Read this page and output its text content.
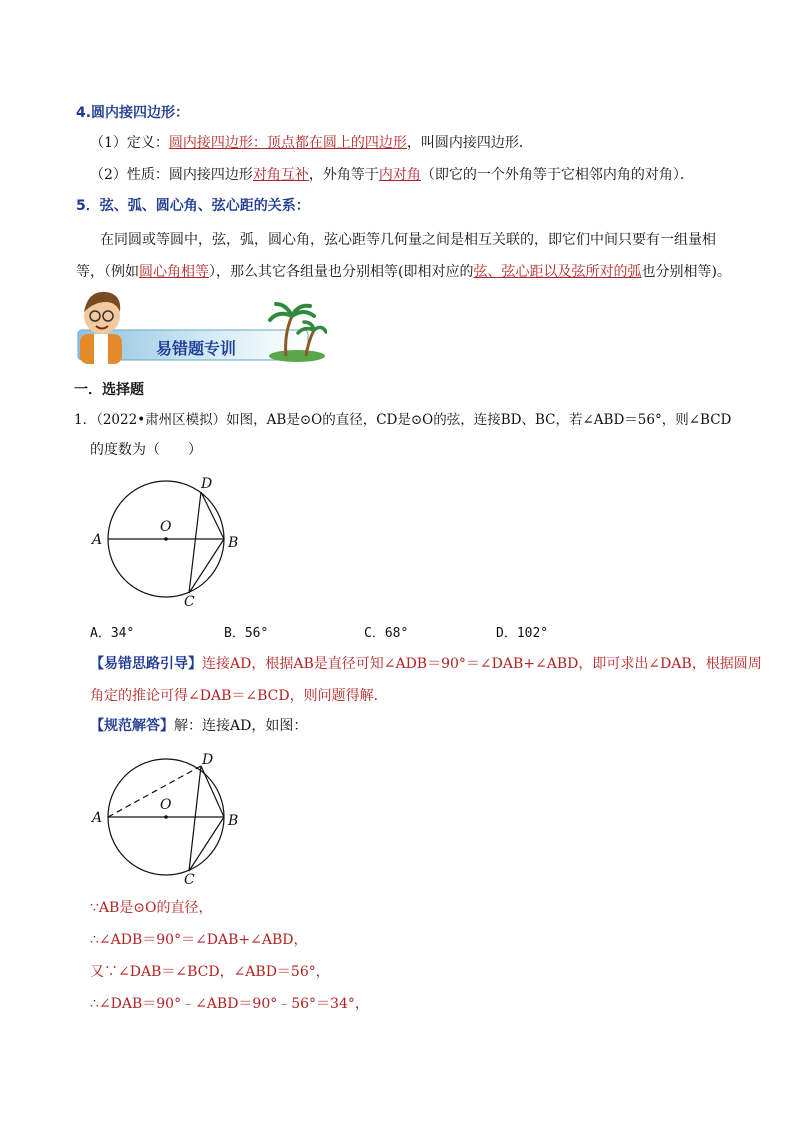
4.圆内接四边形：
（1）定义：圆内接四边形：顶点都在圆上的四边形，叫圆内接四边形．
（2）性质：圆内接四边形对角互补，外角等于内对角（即它的一个外角等于它相邻内角的对角）．
5．弦、弧、圆心角、弦心距的关系：
在同圆或等圆中，弦，弧，圆心角，弦心距等几何量之间是相互关联的，即它们中间只要有一组量相
等，（例如圆心角相等），那么其它各组量也分别相等(即相对应的弦、弦心距以及弦所对的弧也分别相等)。
易错题专训
一．选择题
1．（2022•肃州区模拟）如图，AB是⊙O的直径，CD是⊙O的弦，连接BD、BC，若∠ABD＝56°，则∠BCD
的度数为（　　）
A	B
C
D
O
A．34°	B．56°	C．68°	D．102°
【易错思路引导】连接AD，根据AB是直径可知∠ADB＝90°＝∠DAB+∠ABD，即可求出∠DAB，根据圆周
角定的推论可得∠DAB＝∠BCD，则问题得解．
【规范解答】解：连接AD，如图：
A	B
C
D
O
∵AB是⊙O的直径，
∴∠ADB＝90°＝∠DAB+∠ABD，
又∵∠DAB＝∠BCD，∠ABD＝56°，
∴∠DAB＝90°﹣∠ABD＝90°﹣56°＝34°，
